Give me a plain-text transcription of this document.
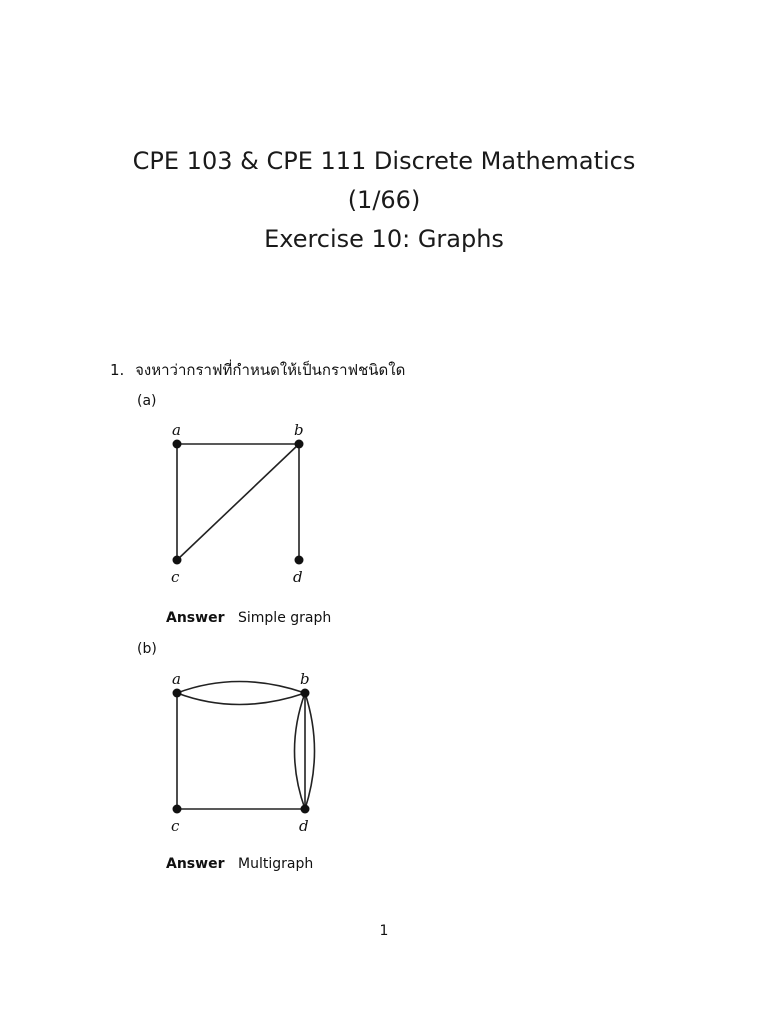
CPE 103 & CPE 111 Discrete Mathematics
(1/66)
Exercise 10: Graphs
1. จงหาว่ากราฟที่กำหนดให้เป็นกราฟชนิดใด
(a)
a	b
c	d
Answer Simple graph
(b)
a	b
c	d
Answer Multigraph
1
